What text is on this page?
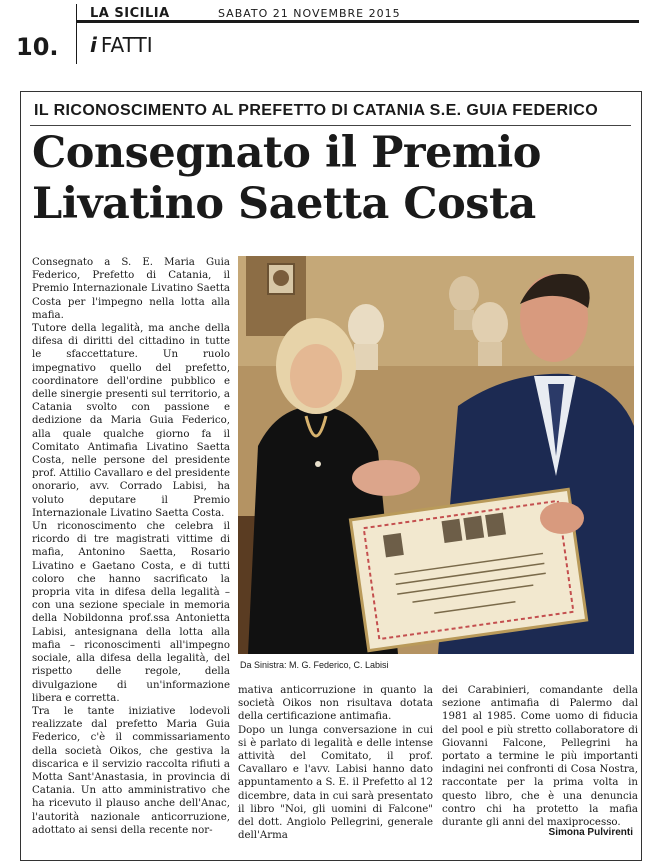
LA SICILIA	SABATO 21 NOVEMBRE 2015
10. i FATTI
IL RICONOSCIMENTO AL PREFETTO DI CATANIA S.E. GUIA FEDERICO
Consegnato il Premio Livatino Saetta Costa

Consegnato a S. E. Maria Guia Federico, Prefetto di Catania, il Premio Internazionale Livatino Saetta Costa per l'impegno nella lotta alla mafia.

Tutore della legalità, ma anche della difesa di diritti del cittadino in tutte le sfaccettature. Un ruolo impegnativo quello del prefetto, coordinatore dell'ordine pubblico e delle sinergie presenti sul territorio, a Catania svolto con passione e dedizione da Maria Guia Federico, alla quale qualche giorno fa il Comitato Antimafia Livatino Saetta Costa, nelle persone del presidente prof. Attilio Cavallaro e del presidente onorario, avv. Corrado Labisi, ha voluto deputare il Premio Internazionale Livatino Saetta Costa.

Un riconoscimento che celebra il ricordo di tre magistrati vittime di mafia, Antonino Saetta, Rosario Livatino e Gaetano Costa, e di tutti coloro che hanno sacrificato la propria vita in difesa della legalità – con una sezione speciale in memoria della Nobildonna prof.ssa Antonietta Labisi, antesignana della lotta alla mafia – riconoscimenti all'impegno sociale, alla difesa della legalità, del rispetto delle regole, della divulgazione di un'informazione libera e corretta.

Tra le tante iniziative lodevoli realizzate dal prefetto Maria Guia Federico, c'è il commissariamento della società Oikos, che gestiva la discarica e il servizio raccolta rifiuti a Motta Sant'Anastasia, in provincia di Catania. Un atto amministrativo che ha ricevuto il plauso anche dell'Anac, l'autorità nazionale anticorruzione, adottato ai sensi della recente nor-

Da Sinistra: M. G. Federico, C. Labisi

mativa anticorruzione in quanto la società Oikos non risultava dotata della certificazione antimafia.

Dopo un lunga conversazione in cui si è parlato di legalità e delle intense attività del Comitato, il prof. Cavallaro e l'avv. Labisi hanno dato appuntamento a S. E. il Prefetto al 12 dicembre, data in cui sarà presentato il libro "Noi, gli uomini di Falcone" del dott. Angiolo Pellegrini, generale dell'Arma

dei Carabinieri, comandante della sezione antimafia di Palermo dal 1981 al 1985. Come uomo di fiducia del pool e più stretto collaboratore di Giovanni Falcone, Pellegrini ha portato a termine le più importanti indagini nei confronti di Cosa Nostra, raccontate per la prima volta in questo libro, che è una denuncia contro chi ha protetto la mafia durante gli anni del maxiprocesso.

Simona Pulvirenti
